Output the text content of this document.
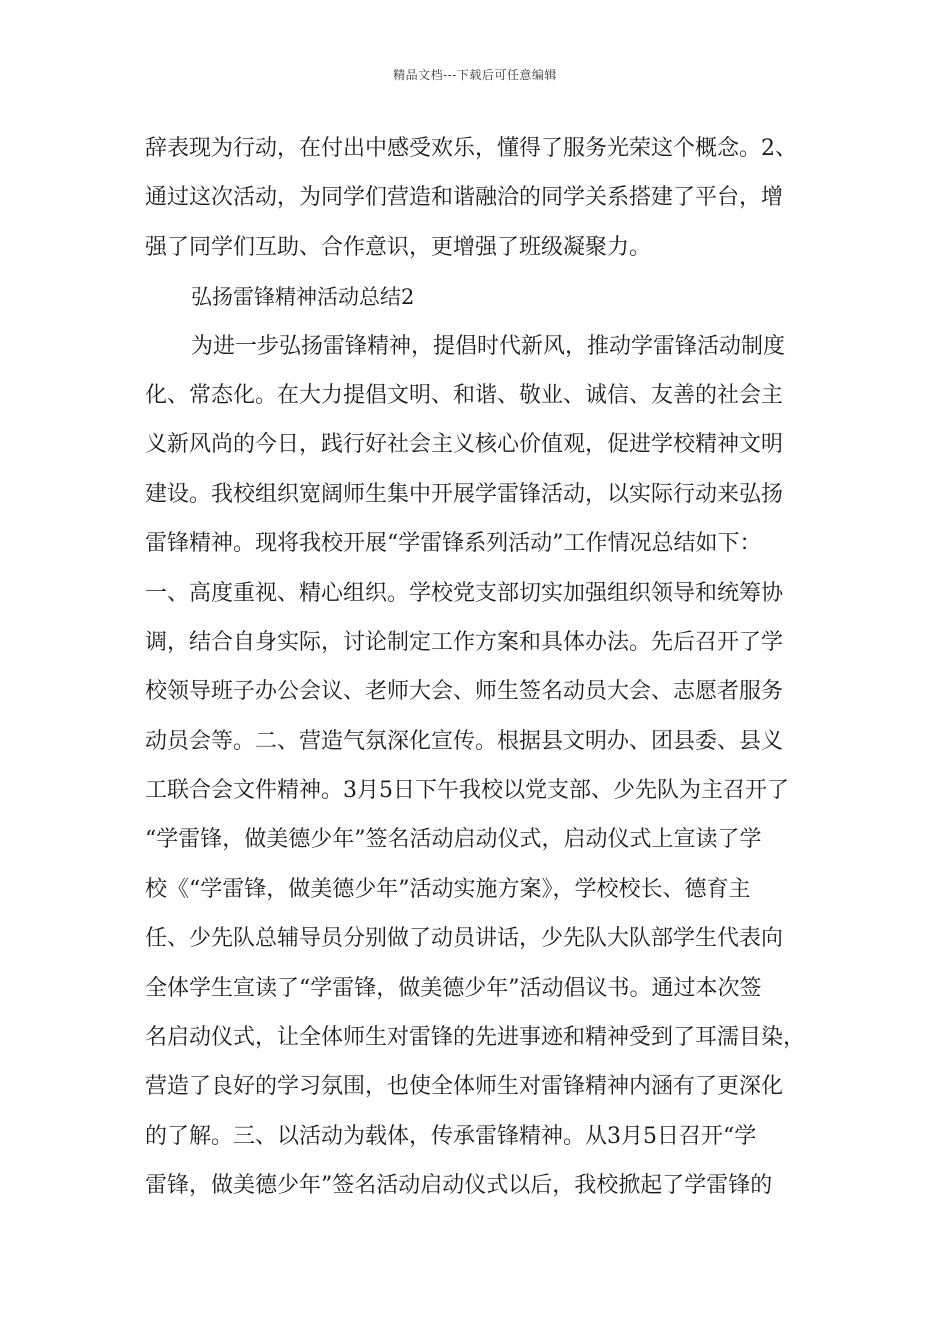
精品文档---下载后可任意编辑
辞表现为行动，在付出中感受欢乐，懂得了服务光荣这个概念。2、
通过这次活动，为同学们营造和谐融洽的同学关系搭建了平台，增
强了同学们互助、合作意识，更增强了班级凝聚力。
弘扬雷锋精神活动总结2
为进一步弘扬雷锋精神，提倡时代新风，推动学雷锋活动制度
化、常态化。在大力提倡文明、和谐、敬业、诚信、友善的社会主
义新风尚的今日，践行好社会主义核心价值观，促进学校精神文明
建设。我校组织宽阔师生集中开展学雷锋活动，以实际行动来弘扬
雷锋精神。现将我校开展“学雷锋系列活动”工作情况总结如下：
一、高度重视、精心组织。学校党支部切实加强组织领导和统筹协
调，结合自身实际，讨论制定工作方案和具体办法。先后召开了学
校领导班子办公会议、老师大会、师生签名动员大会、志愿者服务
动员会等。二、营造气氛深化宣传。根据县文明办、团县委、县义
工联合会文件精神。3月5日下午我校以党支部、少先队为主召开了
“学雷锋，做美德少年”签名活动启动仪式，启动仪式上宣读了学
校《“学雷锋，做美德少年”活动实施方案》，学校校长、德育主
任、少先队总辅导员分别做了动员讲话，少先队大队部学生代表向
全体学生宣读了“学雷锋，做美德少年”活动倡议书。通过本次签
名启动仪式，让全体师生对雷锋的先进事迹和精神受到了耳濡目染，
营造了良好的学习氛围，也使全体师生对雷锋精神内涵有了更深化
的了解。三、以活动为载体，传承雷锋精神。从3月5日召开“学
雷锋，做美德少年”签名活动启动仪式以后，我校掀起了学雷锋的
